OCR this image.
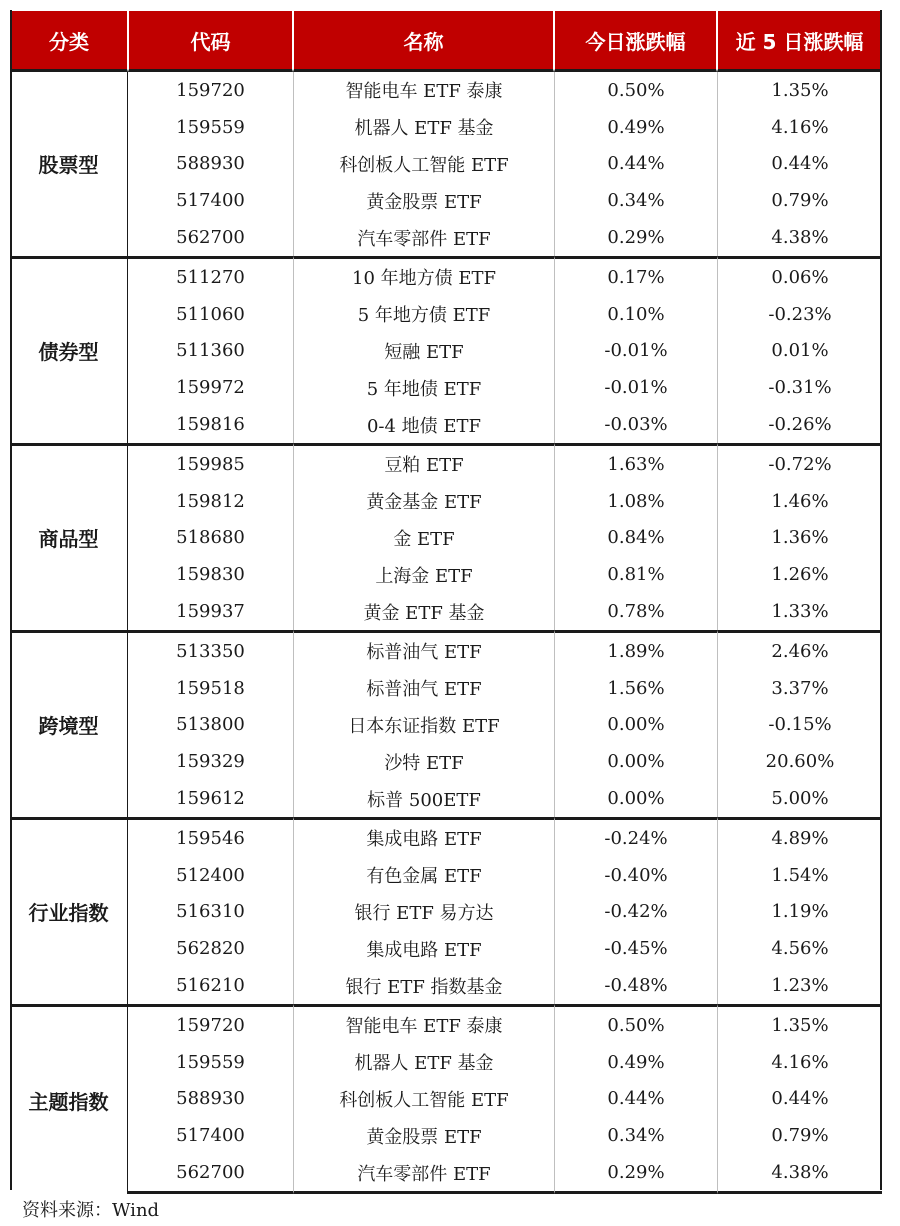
分类	代码	名称	今日涨跌幅	近 5 日涨跌幅
股票型	159720	智能电车 ETF 泰康	0.50%	1.35%
	159559	机器人 ETF 基金	0.49%	4.16%
	588930	科创板人工智能 ETF	0.44%	0.44%
	517400	黄金股票 ETF	0.34%	0.79%
	562700	汽车零部件 ETF	0.29%	4.38%
债券型	511270	10 年地方债 ETF	0.17%	0.06%
	511060	5 年地方债 ETF	0.10%	-0.23%
	511360	短融 ETF	-0.01%	0.01%
	159972	5 年地债 ETF	-0.01%	-0.31%
	159816	0-4 地债 ETF	-0.03%	-0.26%
商品型	159985	豆粕 ETF	1.63%	-0.72%
	159812	黄金基金 ETF	1.08%	1.46%
	518680	金 ETF	0.84%	1.36%
	159830	上海金 ETF	0.81%	1.26%
	159937	黄金 ETF 基金	0.78%	1.33%
跨境型	513350	标普油气 ETF	1.89%	2.46%
	159518	标普油气 ETF	1.56%	3.37%
	513800	日本东证指数 ETF	0.00%	-0.15%
	159329	沙特 ETF	0.00%	20.60%
	159612	标普 500ETF	0.00%	5.00%
行业指数	159546	集成电路 ETF	-0.24%	4.89%
	512400	有色金属 ETF	-0.40%	1.54%
	516310	银行 ETF 易方达	-0.42%	1.19%
	562820	集成电路 ETF	-0.45%	4.56%
	516210	银行 ETF 指数基金	-0.48%	1.23%
主题指数	159720	智能电车 ETF 泰康	0.50%	1.35%
	159559	机器人 ETF 基金	0.49%	4.16%
	588930	科创板人工智能 ETF	0.44%	0.44%
	517400	黄金股票 ETF	0.34%	0.79%
	562700	汽车零部件 ETF	0.29%	4.38%
资料来源：Wind
